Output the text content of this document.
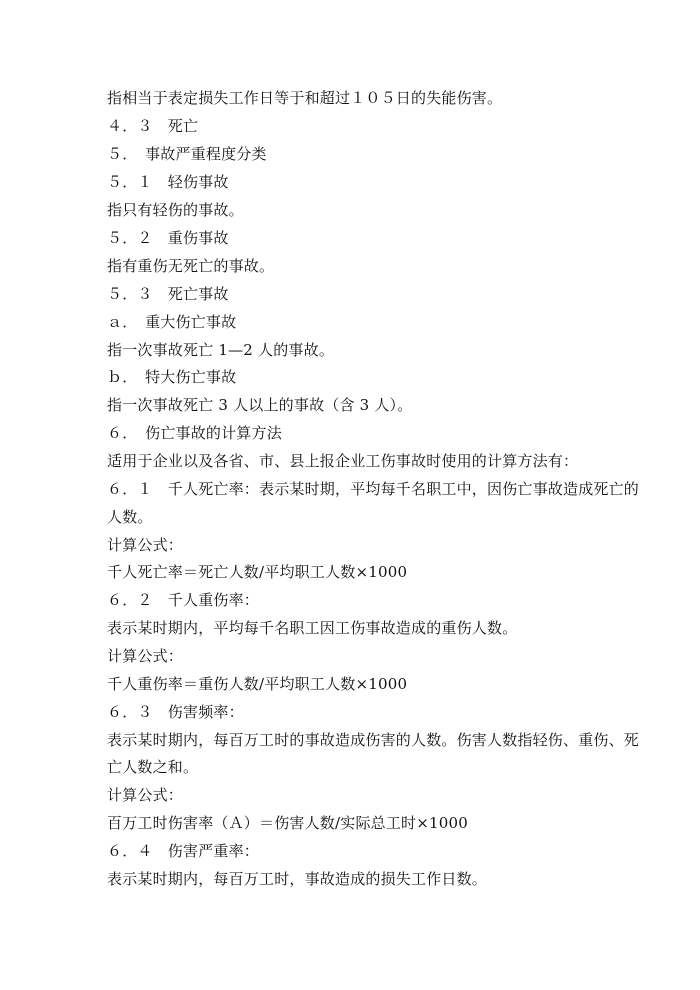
指相当于表定损失工作日等于和超过１０５日的失能伤害。
４．３　死亡
５．　事故严重程度分类
５．１　轻伤事故
指只有轻伤的事故。
５．２　重伤事故
指有重伤无死亡的事故。
５．３　死亡事故
ａ．　重大伤亡事故
指一次事故死亡 1—2 人的事故。
ｂ．　特大伤亡事故
指一次事故死亡 3 人以上的事故（含 3 人）。
６．　伤亡事故的计算方法
适用于企业以及各省、市、县上报企业工伤事故时使用的计算方法有：
６．１　千人死亡率：表示某时期，平均每千名职工中，因伤亡事故造成死亡的
人数。
计算公式：
千人死亡率＝死亡人数/平均职工人数×1000
６．２　千人重伤率：
表示某时期内，平均每千名职工因工伤事故造成的重伤人数。
计算公式：
千人重伤率＝重伤人数/平均职工人数×1000
６．３　伤害频率：
表示某时期内，每百万工时的事故造成伤害的人数。伤害人数指轻伤、重伤、死
亡人数之和。
计算公式：
百万工时伤害率（Ａ）＝伤害人数/实际总工时×1000
６．４　伤害严重率：
表示某时期内，每百万工时，事故造成的损失工作日数。
